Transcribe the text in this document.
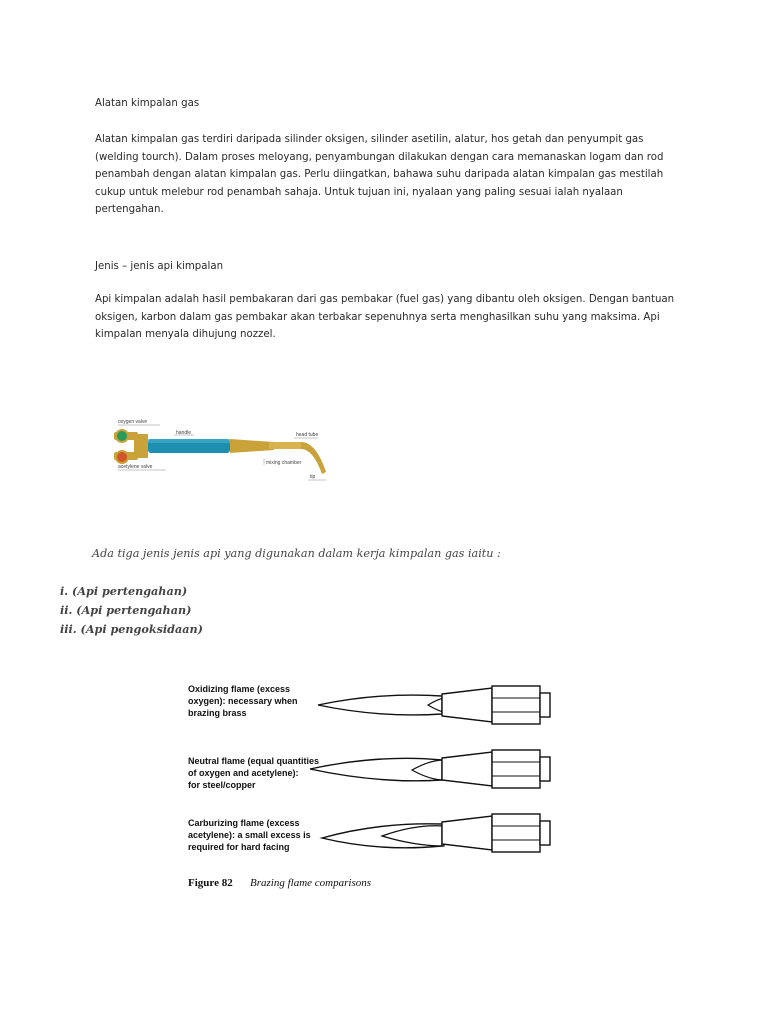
Alatan kimpalan gas
Alatan kimpalan gas terdiri daripada silinder oksigen, silinder asetilin, alatur, hos getah dan penyumpit gas
(welding tourch). Dalam proses meloyang, penyambungan dilakukan dengan cara memanaskan logam dan rod
penambah dengan alatan kimpalan gas. Perlu diingatkan, bahawa suhu daripada alatan kimpalan gas mestilah
cukup untuk melebur rod penambah sahaja. Untuk tujuan ini, nyalaan yang paling sesuai ialah nyalaan
pertengahan.
Jenis – jenis api kimpalan
Api kimpalan adalah hasil pembakaran dari gas pembakar (fuel gas) yang dibantu oleh oksigen. Dengan bantuan
oksigen, karbon dalam gas pembakar akan terbakar sepenuhnya serta menghasilkan suhu yang maksima. Api
kimpalan menyala dihujung nozzel.
oxygen valve
handle	head tube
mixing chamber
acetylene valve
tip
Ada tiga jenis jenis api yang digunakan dalam kerja kimpalan gas iaitu :
i. (Api pertengahan)
ii. (Api pertengahan)
iii. (Api pengoksidaan)
Oxidizing flame (excess
oxygen): necessary when
brazing brass
Neutral flame (equal quantities
of oxygen and acetylene):
for steel/copper
Carburizing flame (excess
acetylene): a small excess is
required for hard facing
Figure 82 Brazing flame comparisons
